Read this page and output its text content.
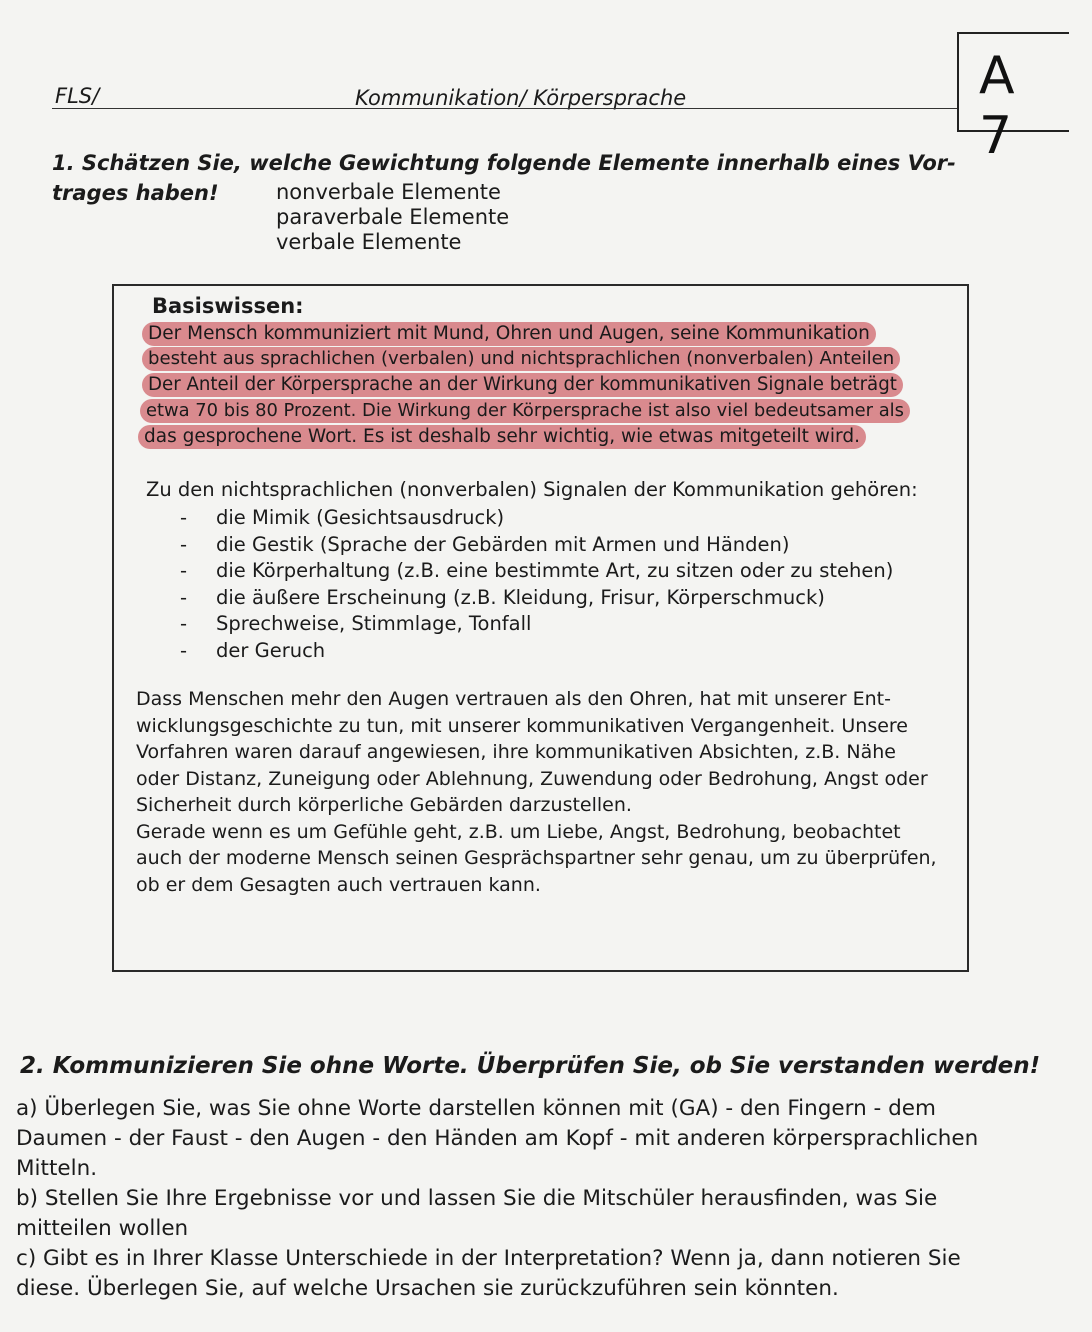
FLS/	Kommunikation/ Körpersprache	A 7
1. Schätzen Sie, welche Gewichtung folgende Elemente innerhalb eines Vor-
trages haben!	nonverbale Elemente
paraverbale Elemente
verbale Elemente
Basiswissen:
Der Mensch kommuniziert mit Mund, Ohren und Augen, seine Kommunikation
besteht aus sprachlichen (verbalen) und nichtsprachlichen (nonverbalen) Anteilen
Der Anteil der Körpersprache an der Wirkung der kommunikativen Signale beträgt
etwa 70 bis 80 Prozent. Die Wirkung der Körpersprache ist also viel bedeutsamer als
das gesprochene Wort. Es ist deshalb sehr wichtig, wie etwas mitgeteilt wird.
Zu den nichtsprachlichen (nonverbalen) Signalen der Kommunikation gehören:
-	die Mimik (Gesichtsausdruck)
-	die Gestik (Sprache der Gebärden mit Armen und Händen)
-	die Körperhaltung (z.B. eine bestimmte Art, zu sitzen oder zu stehen)
-	die äußere Erscheinung (z.B. Kleidung, Frisur, Körperschmuck)
-	Sprechweise, Stimmlage, Tonfall
-	der Geruch
Dass Menschen mehr den Augen vertrauen als den Ohren, hat mit unserer Ent-
wicklungsgeschichte zu tun, mit unserer kommunikativen Vergangenheit. Unsere
Vorfahren waren darauf angewiesen, ihre kommunikativen Absichten, z.B. Nähe
oder Distanz, Zuneigung oder Ablehnung, Zuwendung oder Bedrohung, Angst oder
Sicherheit durch körperliche Gebärden darzustellen.
Gerade wenn es um Gefühle geht, z.B. um Liebe, Angst, Bedrohung, beobachtet
auch der moderne Mensch seinen Gesprächspartner sehr genau, um zu überprüfen,
ob er dem Gesagten auch vertrauen kann.
2. Kommunizieren Sie ohne Worte. Überprüfen Sie, ob Sie verstanden werden!
a) Überlegen Sie, was Sie ohne Worte darstellen können mit (GA) - den Fingern - dem
Daumen - der Faust - den Augen - den Händen am Kopf - mit anderen körpersprachlichen
Mitteln.
b) Stellen Sie Ihre Ergebnisse vor und lassen Sie die Mitschüler herausfinden, was Sie
mitteilen wollen
c) Gibt es in Ihrer Klasse Unterschiede in der Interpretation? Wenn ja, dann notieren Sie
diese. Überlegen Sie, auf welche Ursachen sie zurückzuführen sein könnten.
